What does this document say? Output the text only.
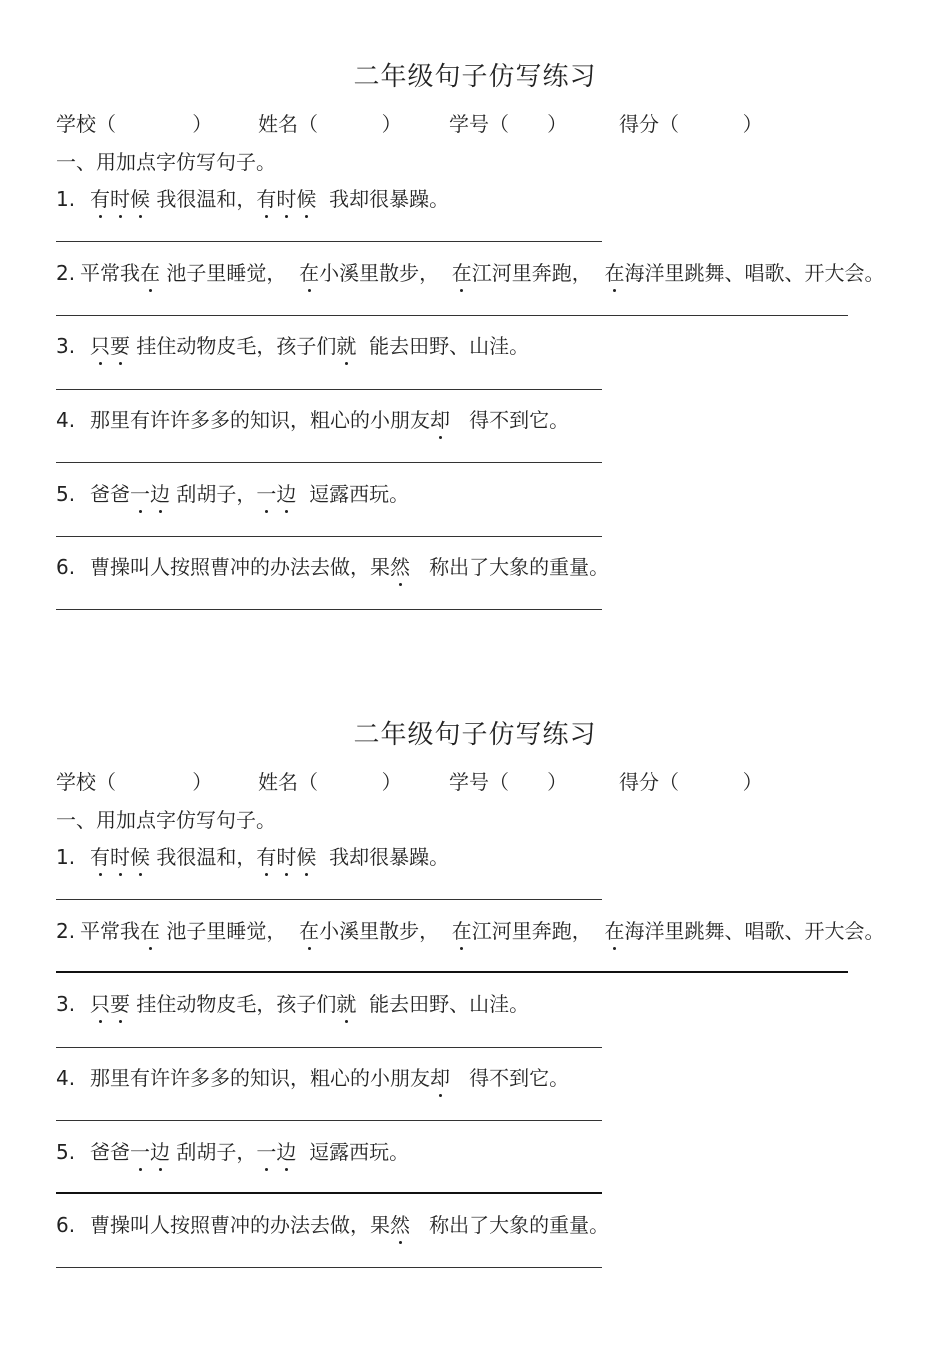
二年级句子仿写练习

学校（            ）

姓名（          ）

学号（      ）

	得分（          ）

一、用加点字仿写句子。
1. 有时候
我很温和，有时候
我却很暴躁。
2. 平常我在
池子里睡觉，  在
小溪里散步，  在
江河里奔跑，  在
海洋里跳舞、唱歌、开大会。
3. 只要
挂住动物皮毛，孩子们就
能去田野、山洼。
4. 那里有许许多多的知识，粗心的小朋友却
得不到它。
5. 爸爸一边
刮胡子，一边
逗露西玩。
6. 曹操叫人按照曹冲的办法去做，果然
称出了大象的重量。
二年级句子仿写练习

学校（            ）

姓名（          ）

学号（      ）

	得分（          ）

一、用加点字仿写句子。
1. 有时候
我很温和，有时候
我却很暴躁。
2. 平常我在
池子里睡觉，  在
小溪里散步，  在
江河里奔跑，  在
海洋里跳舞、唱歌、开大会。
3. 只要
挂住动物皮毛，孩子们就
能去田野、山洼。
4. 那里有许许多多的知识，粗心的小朋友却
得不到它。
5. 爸爸一边
刮胡子，一边
逗露西玩。
6. 曹操叫人按照曹冲的办法去做，果然
称出了大象的重量。
